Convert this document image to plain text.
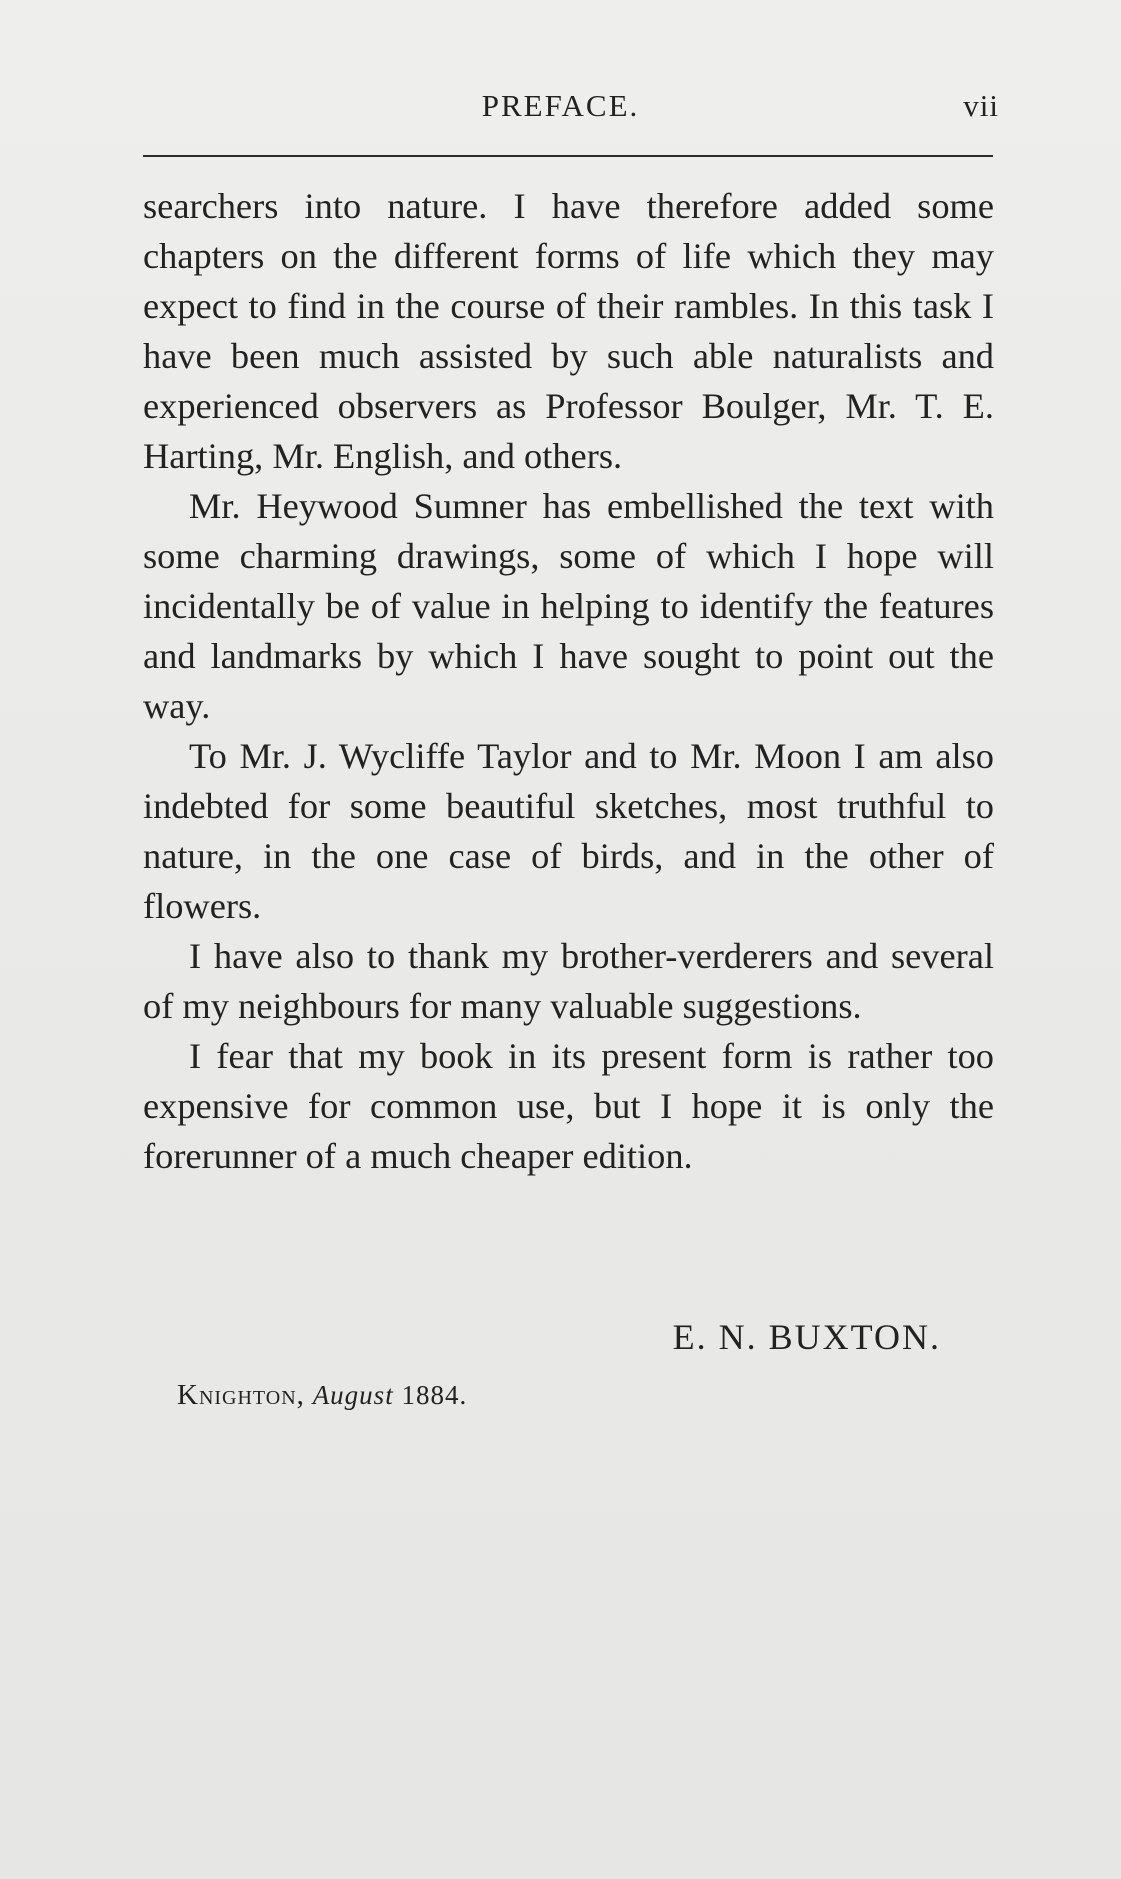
PREFACE.	vii

searchers into nature. I have therefore added some chapters on the different forms of life which they may expect to find in the course of their rambles. In this task I have been much assisted by such able naturalists and experienced observers as Professor Boulger, Mr. T. E. Harting, Mr. English, and others.

Mr. Heywood Sumner has embellished the text with some charming drawings, some of which I hope will incidentally be of value in helping to identify the features and landmarks by which I have sought to point out the way.

To Mr. J. Wycliffe Taylor and to Mr. Moon I am also indebted for some beautiful sketches, most truthful to nature, in the one case of birds, and in the other of flowers.

I have also to thank my brother-verderers and several of my neighbours for many valuable suggestions.

I fear that my book in its present form is rather too expensive for common use, but I hope it is only the forerunner of a much cheaper edition.

E. N. BUXTON.
Knighton, August 1884.
